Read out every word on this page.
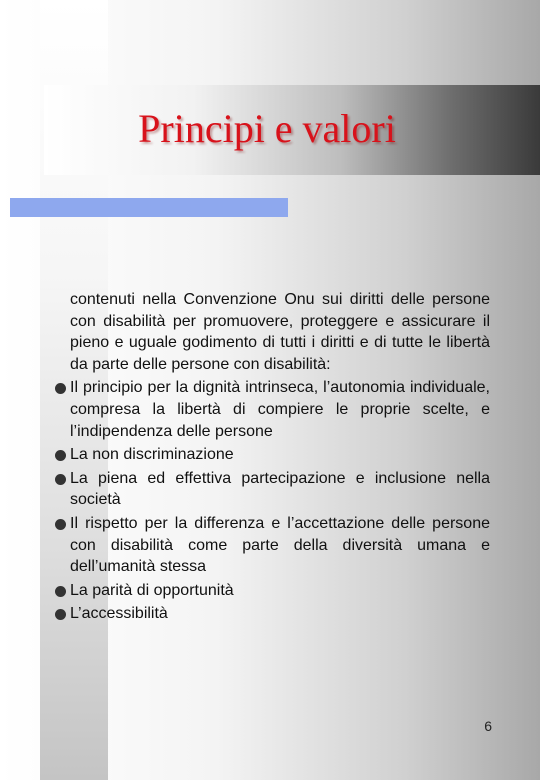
Principi e valori

contenuti nella Convenzione Onu sui diritti delle persone con disabilità per promuovere, proteggere e assicurare il pieno e uguale godimento di tutti i diritti e di tutte le libertà da parte delle persone con disabilità:

Il principio per la dignità intrinseca, l’autonomia individuale, compresa la libertà di compiere le proprie scelte, e l’indipendenza delle persone
La non discriminazione
La piena ed effettiva partecipazione e inclusione nella società
Il rispetto per la differenza e l’accettazione delle persone con disabilità come parte della diversità umana e dell’umanità stessa
La parità di opportunità
L’accessibilità
6
